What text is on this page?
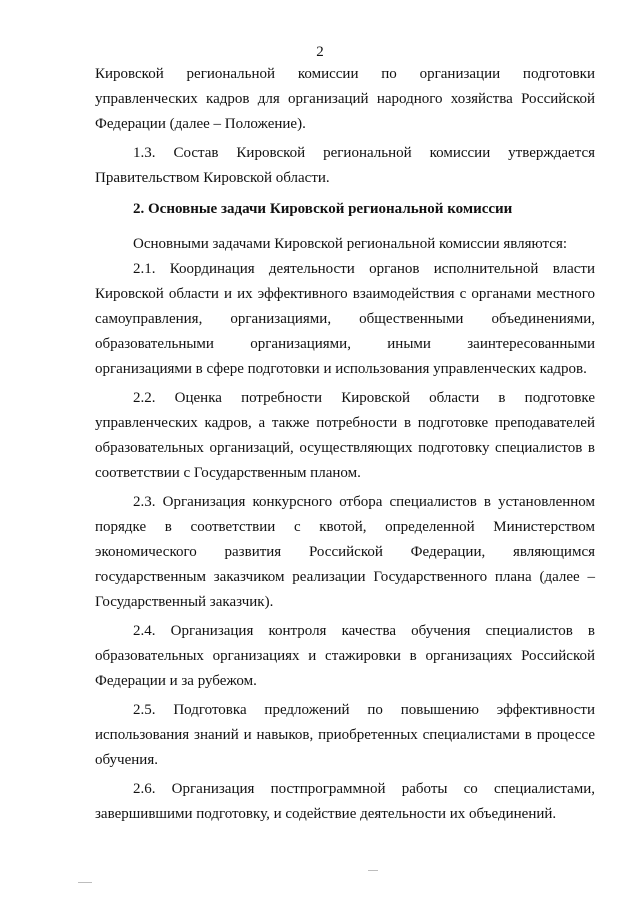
2

Кировской региональной комиссии по организации подготовки управленческих кадров для организаций народного хозяйства Российской Федерации (далее – Положение).

1.3. Состав Кировской региональной комиссии утверждается Правительством Кировской области.

2. Основные задачи Кировской региональной комиссии

Основными задачами Кировской региональной комиссии являются:

2.1. Координация деятельности органов исполнительной власти Кировской области и их эффективного взаимодействия с органами местного самоуправления, организациями, общественными объединениями, образовательными организациями, иными заинтересованными организациями в сфере подготовки и использования управленческих кадров.

2.2. Оценка потребности Кировской области в подготовке управленческих кадров, а также потребности в подготовке преподавателей образовательных организаций, осуществляющих подготовку специалистов в соответствии с Государственным планом.

2.3. Организация конкурсного отбора специалистов в установленном порядке в соответствии с квотой, определенной Министерством экономического развития Российской Федерации, являющимся государственным заказчиком реализации Государственного плана (далее – Государственный заказчик).

2.4. Организация контроля качества обучения специалистов в образовательных организациях и стажировки в организациях Российской Федерации и за рубежом.

2.5. Подготовка предложений по повышению эффективности использования знаний и навыков, приобретенных специалистами в процессе обучения.

2.6. Организация постпрограммной работы со специалистами, завершившими подготовку, и содействие деятельности их объединений.
